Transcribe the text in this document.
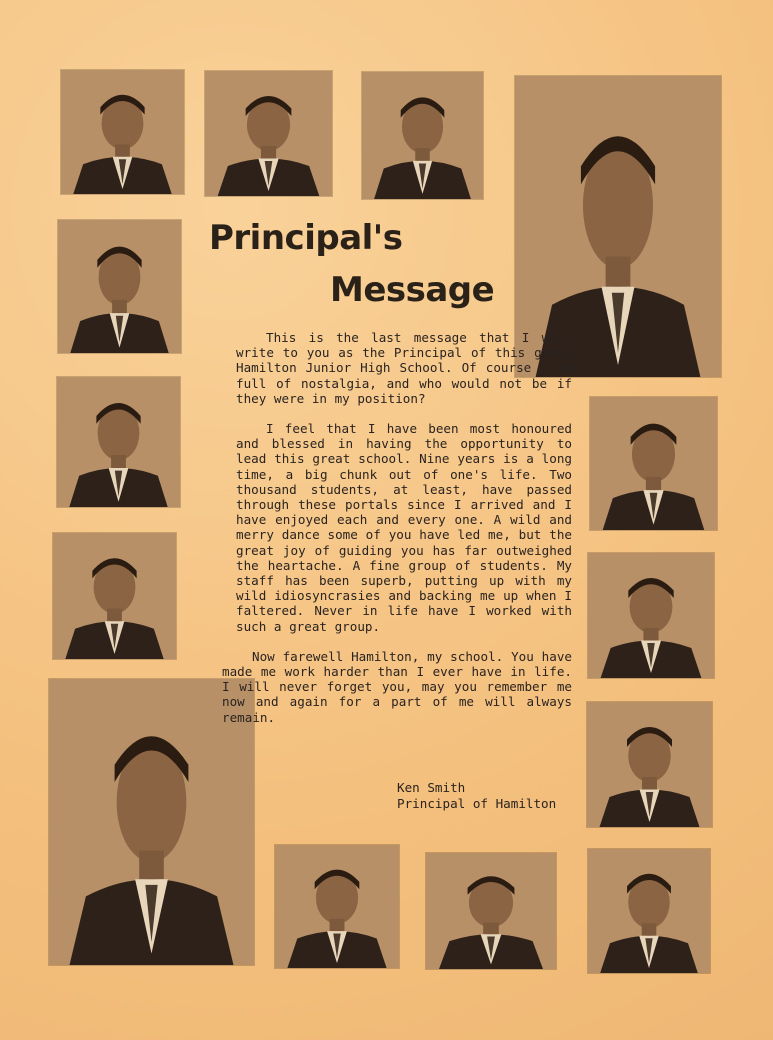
Principal's
Message

This is the last message that I will write to you as the Principal of this great Hamilton Junior High School. Of course I am full of nostalgia, and who would not be if they were in my position?

I feel that I have been most honoured and blessed in having the opportunity to lead this great school. Nine years is a long time, a big chunk out of one's life. Two thousand students, at least, have passed through these portals since I arrived and I have enjoyed each and every one. A wild and merry dance some of you have led me, but the great joy of guiding you has far outweighed the heartache. A fine group of students. My staff has been superb, putting up with my wild idiosyncrasies and backing me up when I faltered. Never in life have I worked with such a great group.

Now farewell Hamilton, my school. You have made me work harder than I ever have in life. I will never forget you, may you remember me now and again for a part of me will always remain.

Ken Smith
Principal of Hamilton
